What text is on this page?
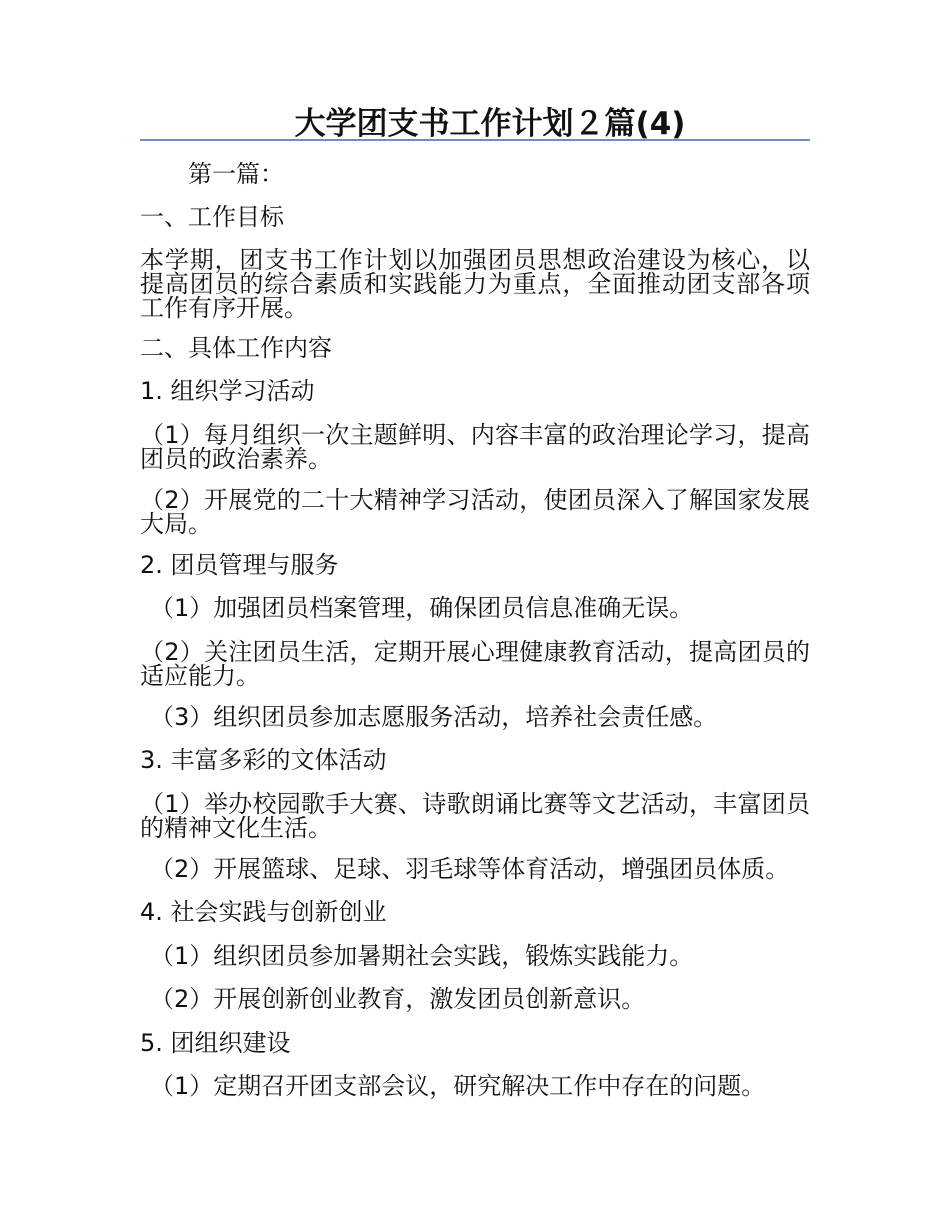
大学团支书工作计划２篇(4)

第一篇：

一、工作目标

本学期，团支书工作计划以加强团员思想政治建设为核心，以提高团员的综合素质和实践能力为重点，全面推动团支部各项工作有序开展。

二、具体工作内容

1. 组织学习活动

（1）每月组织一次主题鲜明、内容丰富的政治理论学习，提高团员的政治素养。

（2）开展党的二十大精神学习活动，使团员深入了解国家发展大局。

2. 团员管理与服务

（1）加强团员档案管理，确保团员信息准确无误。

（2）关注团员生活，定期开展心理健康教育活动，提高团员的适应能力。

（3）组织团员参加志愿服务活动，培养社会责任感。

3. 丰富多彩的文体活动

（1）举办校园歌手大赛、诗歌朗诵比赛等文艺活动，丰富团员的精神文化生活。

（2）开展篮球、足球、羽毛球等体育活动，增强团员体质。

4. 社会实践与创新创业

（1）组织团员参加暑期社会实践，锻炼实践能力。

（2）开展创新创业教育，激发团员创新意识。

5. 团组织建设

（1）定期召开团支部会议，研究解决工作中存在的问题。
